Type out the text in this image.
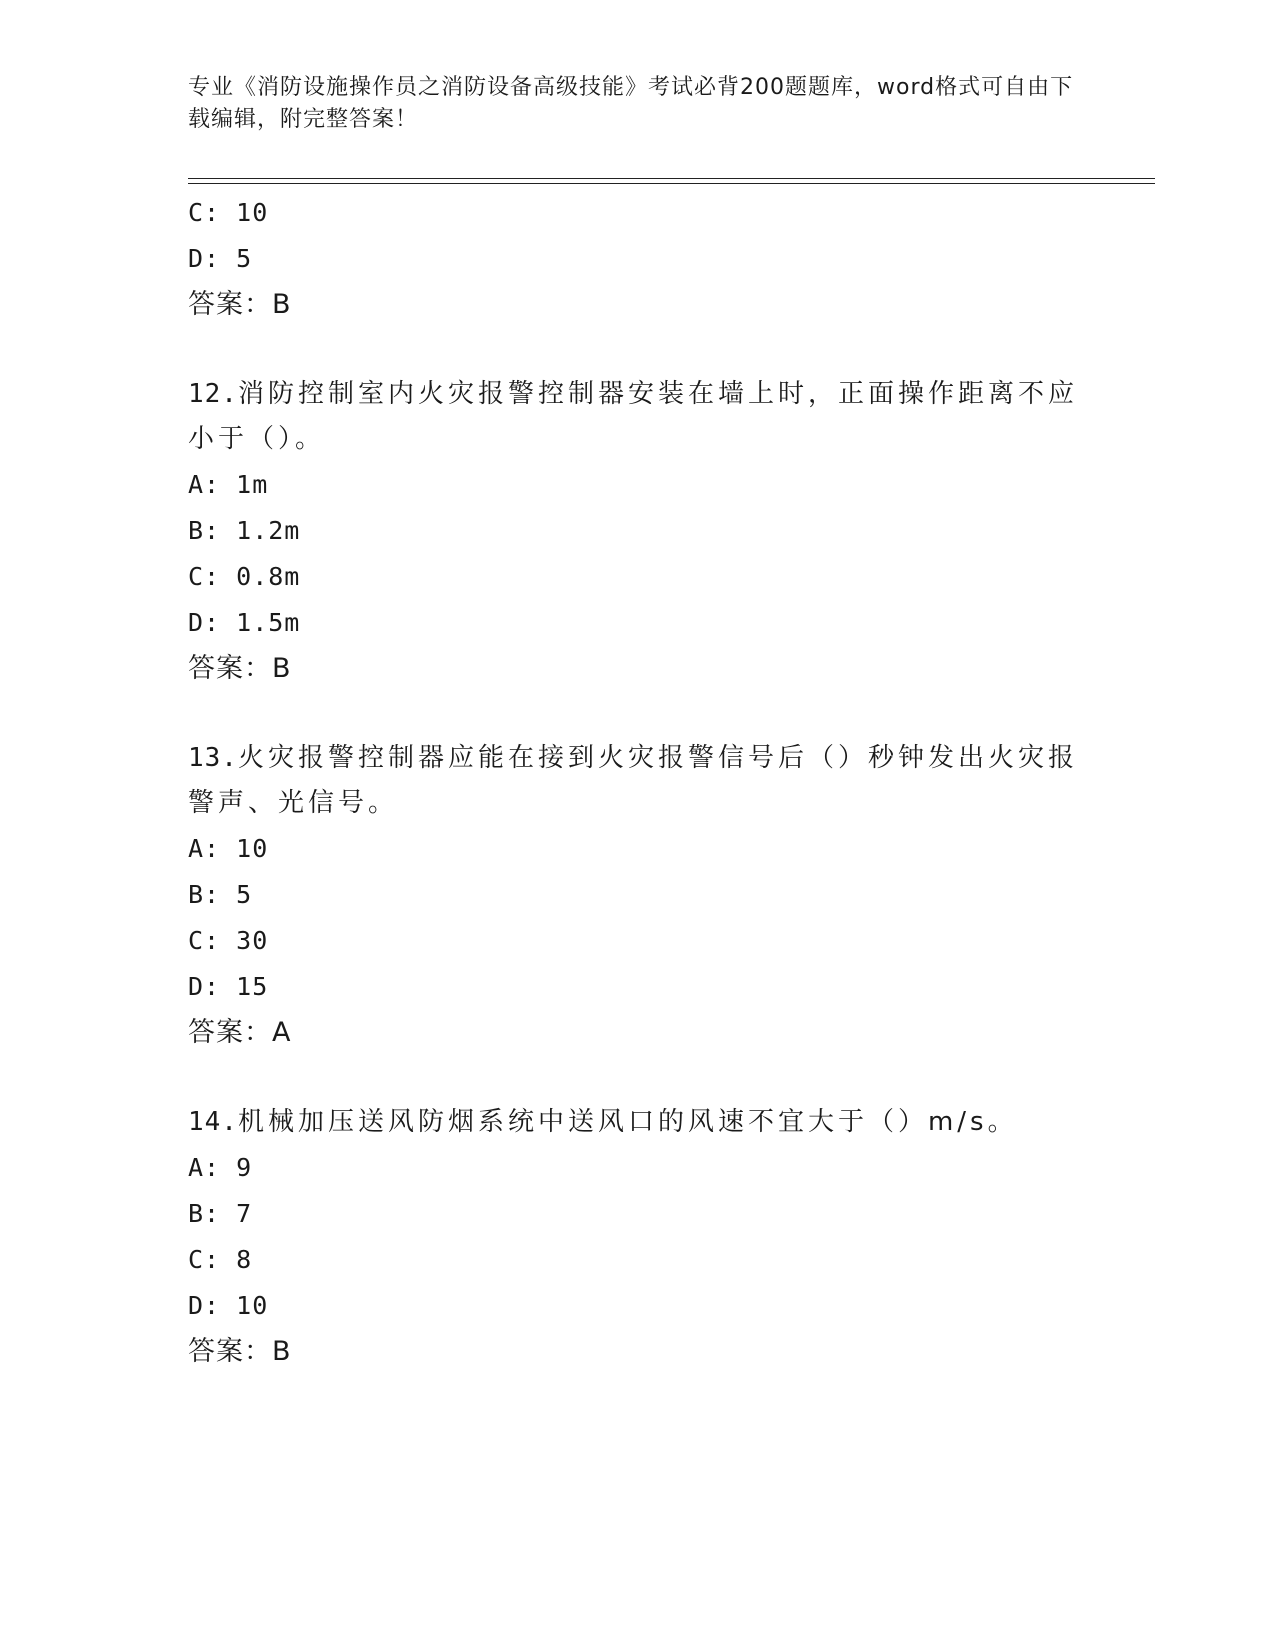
专业《消防设施操作员之消防设备高级技能》考试必背200题题库，word格式可自由下载编辑，附完整答案！
C: 10
D: 5
答案：B
12.消防控制室内火灾报警控制器安装在墙上时，正面操作距离不应小于（）。
A: 1m
B: 1.2m
C: 0.8m
D: 1.5m
答案：B
13.火灾报警控制器应能在接到火灾报警信号后（）秒钟发出火灾报警声、光信号。
A: 10
B: 5
C: 30
D: 15
答案：A
14.机械加压送风防烟系统中送风口的风速不宜大于（）m/s。
A: 9
B: 7
C: 8
D: 10
答案：B
